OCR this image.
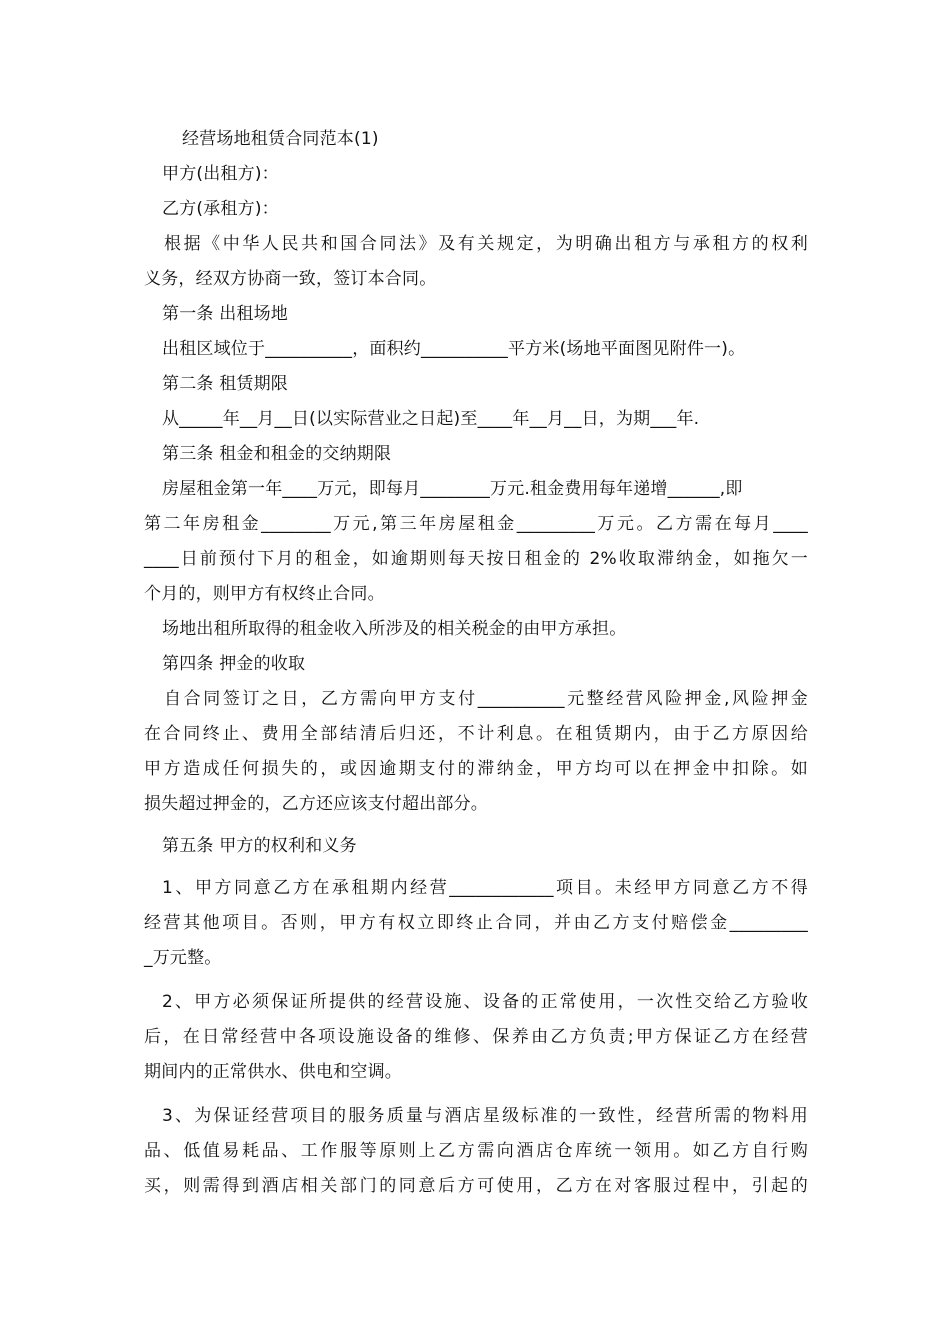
经营场地租赁合同范本(1)
甲方(出租方)：
乙方(承租方)：
根据《中华人民共和国合同法》及有关规定，为明确出租方与承租方的权利
义务，经双方协商一致，签订本合同。
第一条 出租场地
出租区域位于__________，面积约__________平方米(场地平面图见附件一)。
第二条 租赁期限
从_____年__月__日(以实际营业之日起)至____年__月__日，为期___年.
第三条 租金和租金的交纳期限
房屋租金第一年____万元，即每月________万元.租金费用每年递增______,即
第二年房租金________万元,第三年房屋租金_________万元。乙方需在每月____
____日前预付下月的租金，如逾期则每天按日租金的 2%收取滞纳金，如拖欠一
个月的，则甲方有权终止合同。
场地出租所取得的租金收入所涉及的相关税金的由甲方承担。
第四条 押金的收取
自合同签订之日，乙方需向甲方支付__________元整经营风险押金,风险押金
在合同终止、费用全部结清后归还，不计利息。在租赁期内，由于乙方原因给
甲方造成任何损失的，或因逾期支付的滞纳金，甲方均可以在押金中扣除。如
损失超过押金的，乙方还应该支付超出部分。
第五条 甲方的权利和义务
1、甲方同意乙方在承租期内经营____________项目。未经甲方同意乙方不得
经营其他项目。否则，甲方有权立即终止合同，并由乙方支付赔偿金_________
_万元整。
2、甲方必须保证所提供的经营设施、设备的正常使用，一次性交给乙方验收
后，在日常经营中各项设施设备的维修、保养由乙方负责;甲方保证乙方在经营
期间内的正常供水、供电和空调。
3、为保证经营项目的服务质量与酒店星级标准的一致性，经营所需的物料用
品、低值易耗品、工作服等原则上乙方需向酒店仓库统一领用。如乙方自行购
买，则需得到酒店相关部门的同意后方可使用，乙方在对客服过程中，引起的
